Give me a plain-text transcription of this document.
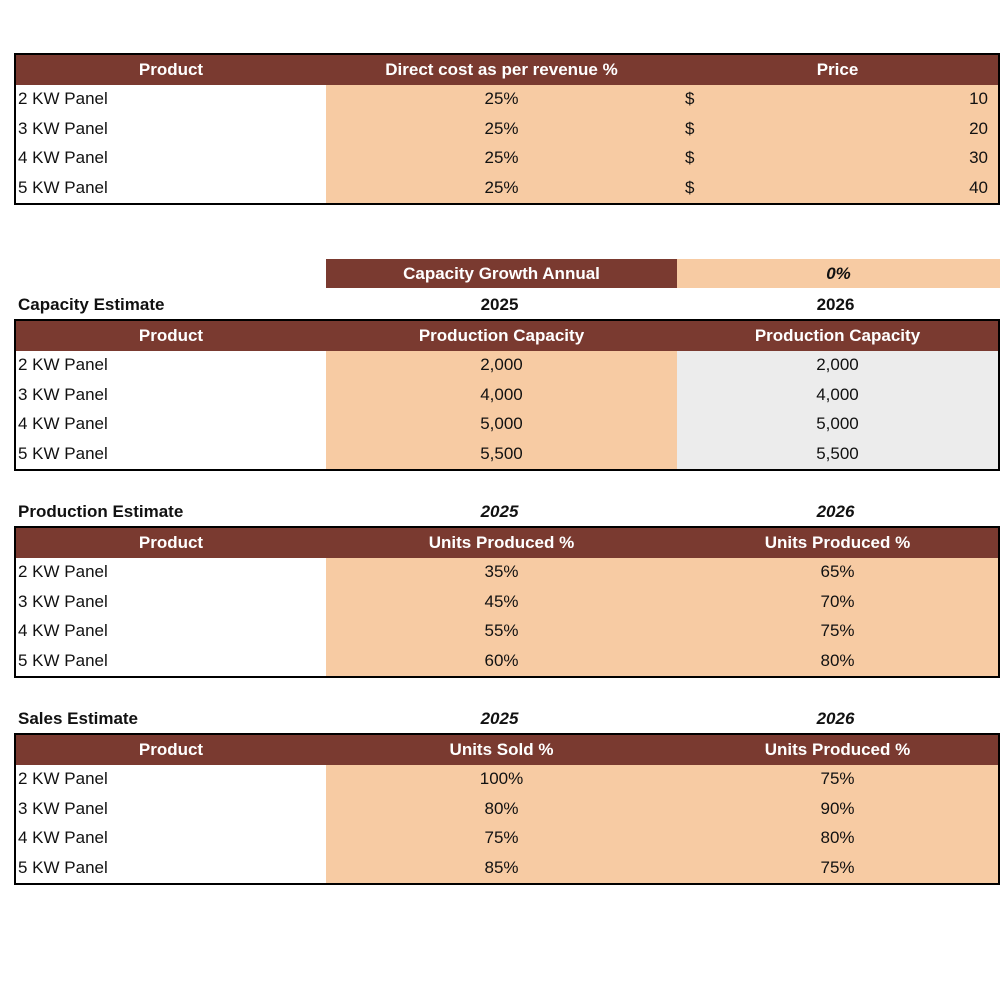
Product	Direct cost as per revenue %	Price
2 KW Panel	25%	$	10
3 KW Panel	25%	$	20
4 KW Panel	25%	$	30
5 KW Panel	25%	$	40
Capacity Growth Annual	0%
Capacity Estimate	2025	2026
Product	Production Capacity	Production Capacity
2 KW Panel	2,000	2,000
3 KW Panel	4,000	4,000
4 KW Panel	5,000	5,000
5 KW Panel	5,500	5,500
Production Estimate	2025	2026
Product	Units Produced %	Units Produced %
2 KW Panel	35%	65%
3 KW Panel	45%	70%
4 KW Panel	55%	75%
5 KW Panel	60%	80%
Sales Estimate	2025	2026
Product	Units Sold %	Units Produced %
2 KW Panel	100%	75%
3 KW Panel	80%	90%
4 KW Panel	75%	80%
5 KW Panel	85%	75%
